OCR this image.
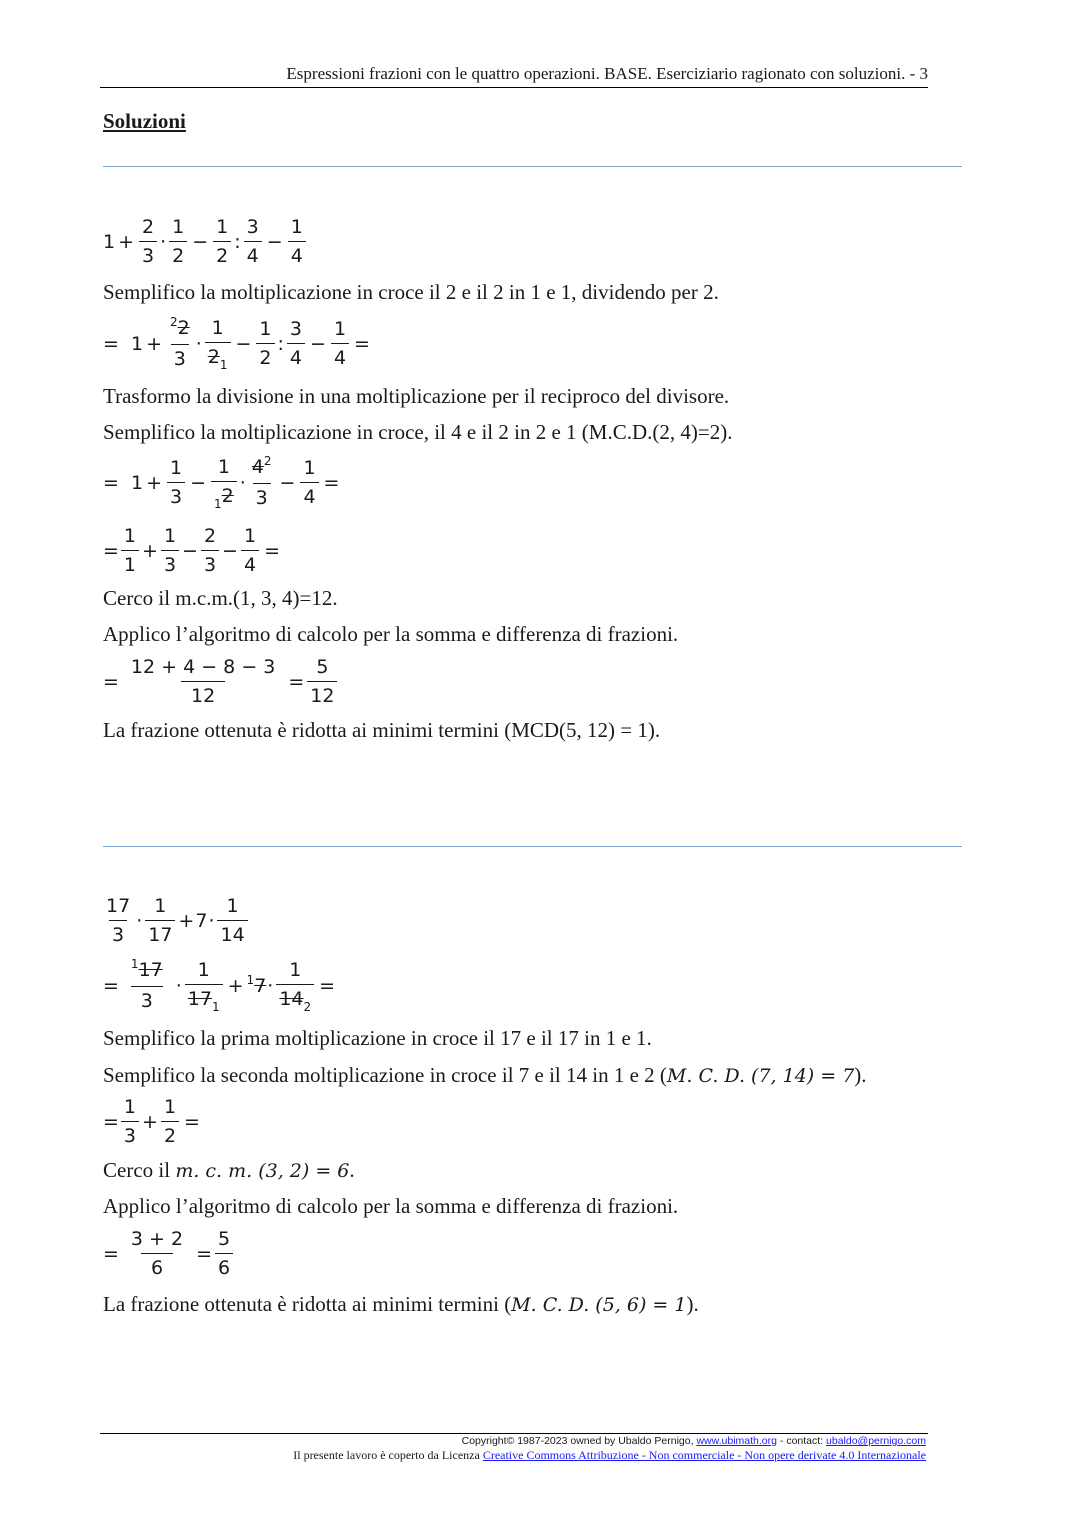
Espressioni frazioni con le quattro operazioni. BASE. Eserciziario ragionato con soluzioni. - 3
Soluzioni
$1 + \frac{2}{3} \cdot \frac{1}{2} - \frac{1}{2}$ : $\frac{3}{4} - \frac{1}{4}$
Semplifico la moltiplicazione in croce il 2 e il 2 in 1 e 1, dividendo per 2.
=
$1 + \frac{^22}{3} \cdot \frac{1}{2_1} - \frac{1}{2}$ : $\frac{3}{4} - \frac{1}{4}$ =
Trasformo la divisione in una moltiplicazione per il reciproco del divisore.
Semplifico la moltiplicazione in croce, il 4 e il 2 in 2 e 1 (M.C.D.(2, 4)=2).
=
$1 + \frac{1}{3} - \frac{1}{_12} \cdot \frac{4^2}{3} - \frac{1}{4}$ =
= $\frac{1}{1} + \frac{1}{3} - \frac{2}{3} - \frac{1}{4}$ =
Cerco il m.c.m.(1, 3, 4)=12.
Applico l’algoritmo di calcolo per la somma e differenza di frazioni.
= $\frac{12 + 4 - 8 - 3}{12} = \frac{5}{12}$
La frazione ottenuta è ridotta ai minimi termini (MCD(5, 12) = 1).
$\frac{17}{3} \cdot \frac{1}{17} + 7 \cdot \frac{1}{14}$
= $\frac{^117}{3} \cdot \frac{1}{17_1} + ^17 \cdot \frac{1}{14_2}$ =
Semplifico la prima moltiplicazione in croce il 17 e il 17 in 1 e 1.
Semplifico la seconda moltiplicazione in croce il 7 e il 14 in 1 e 2 (M. C. D. (7, 14) = 7).
= $\frac{1}{3} + \frac{1}{2}$ =
Cerco il m. c. m. (3, 2) = 6.
Applico l’algoritmo di calcolo per la somma e differenza di frazioni.
= $\frac{3 + 2}{6} = \frac{5}{6}$
La frazione ottenuta è ridotta ai minimi termini (M. C. D. (5, 6) = 1).
Copyright© 1987-2023 owned by Ubaldo Pernigo, www.ubimath.org - contact: ubaldo@pernigo.com
Il presente lavoro è coperto da Licenza Creative Commons Attribuzione - Non commerciale - Non opere derivate 4.0 Internazionale
